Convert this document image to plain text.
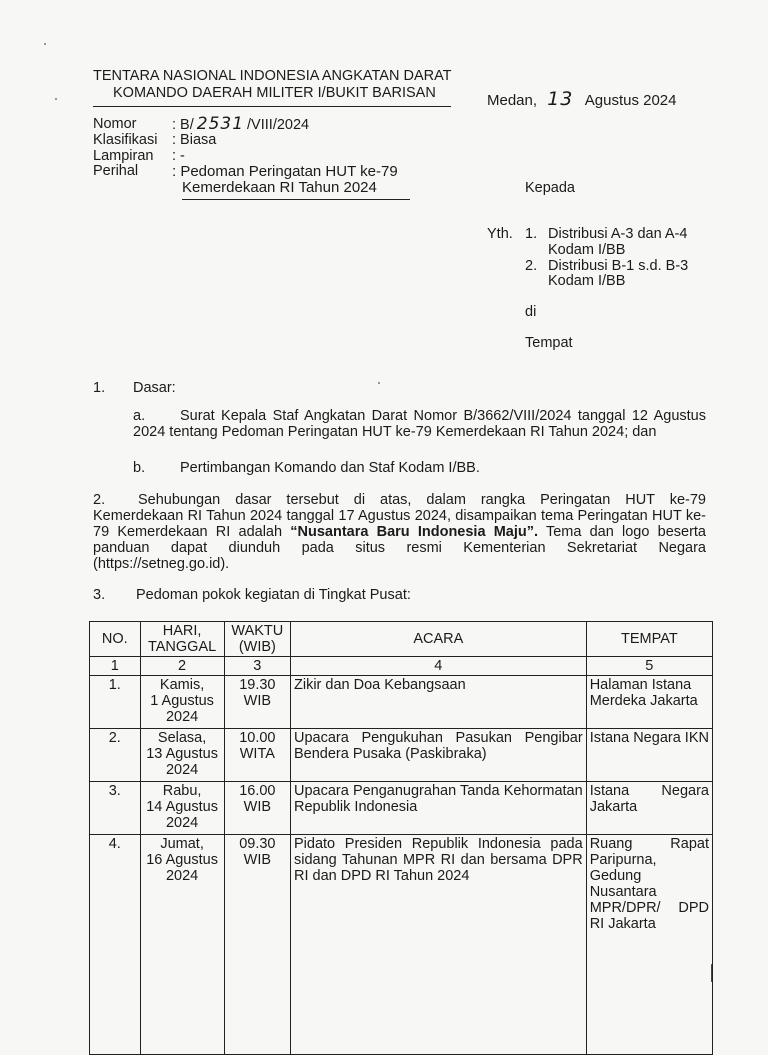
TENTARA NASIONAL INDONESIA ANGKATAN DARAT
KOMANDO DAERAH MILITER I/BUKIT BARISAN	Medan, 13 Agustus 2024
Nomor : B/ 2531 /VIII/2024
Klasifikasi : Biasa
Lampiran : -
Perihal : Pedoman Peringatan HUT ke-79
Kemerdekaan RI Tahun 2024	Kepada
Yth. 1. Distribusi A-3 dan A-4
Kodam I/BB
2. Distribusi B-1 s.d. B-3
Kodam I/BB
di
Tempat
1. Dasar:
a.	Surat Kepala Staf Angkatan Darat Nomor B/3662/VIII/2024 tanggal 12 Agustus 2024 tentang Pedoman Peringatan HUT ke-79 Kemerdekaan RI Tahun 2024; dan
b. Pertimbangan Komando dan Staf Kodam I/BB.
2. Sehubungan dasar tersebut di atas, dalam rangka Peringatan HUT ke-79
Kemerdekaan RI Tahun 2024 tanggal 17 Agustus 2024, disampaikan tema Peringatan HUT ke-79 Kemerdekaan RI adalah “Nusantara Baru Indonesia Maju”. Tema dan logo beserta panduan dapat diunduh pada situs resmi Kementerian Sekretariat Negara (https://setneg.go.id).
3. Pedoman pokok kegiatan di Tingkat Pusat:
NO.	HARI, TANGGAL	WAKTU (WIB)	ACARA	TEMPAT
1	2	3	4	5
1.	Kamis,
1 Agustus 2024	19.30 WIB	Zikir dan Doa Kebangsaan	Halaman Istana Merdeka Jakarta
2.	Selasa,
13 Agustus 2024	10.00 WITA	Upacara Pengukuhan Pasukan Pengibar Bendera Pusaka (Paskibraka)	Istana Negara IKN
3.	Rabu,
14 Agustus 2024	16.00 WIB	Upacara Penganugrahan Tanda Kehormatan Republik Indonesia	Istana Negara Jakarta
4.	Jumat,
16 Agustus 2024	09.30 WIB	Pidato Presiden Republik Indonesia pada sidang Tahunan MPR RI dan bersama DPR RI dan DPD RI Tahun 2024	Ruang Rapat Paripurna, Gedung Nusantara MPR/DPR/ DPD RI Jakarta
